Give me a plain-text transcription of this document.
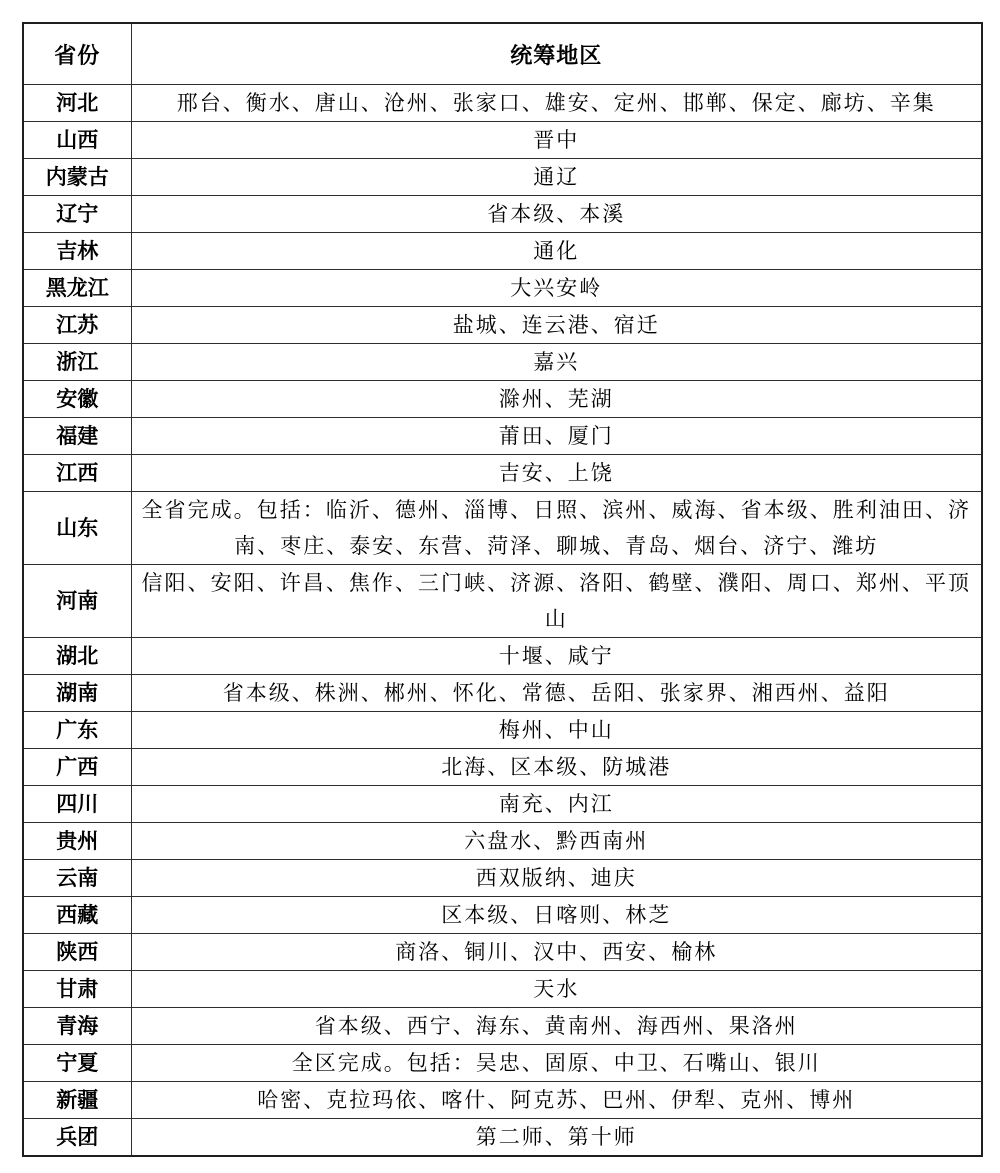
省份	统筹地区
河北	邢台、衡水、唐山、沧州、张家口、雄安、定州、邯郸、保定、廊坊、辛集
山西	晋中
内蒙古	通辽
辽宁	省本级、本溪
吉林	通化
黑龙江	大兴安岭
江苏	盐城、连云港、宿迁
浙江	嘉兴
安徽	滁州、芜湖
福建	莆田、厦门
江西	吉安、上饶
山东	全省完成。包括：临沂、德州、淄博、日照、滨州、威海、省本级、胜利油田、济南、枣庄、泰安、东营、菏泽、聊城、青岛、烟台、济宁、潍坊
河南	信阳、安阳、许昌、焦作、三门峡、济源、洛阳、鹤壁、濮阳、周口、郑州、平顶山
湖北	十堰、咸宁
湖南	省本级、株洲、郴州、怀化、常德、岳阳、张家界、湘西州、益阳
广东	梅州、中山
广西	北海、区本级、防城港
四川	南充、内江
贵州	六盘水、黔西南州
云南	西双版纳、迪庆
西藏	区本级、日喀则、林芝
陕西	商洛、铜川、汉中、西安、榆林
甘肃	天水
青海	省本级、西宁、海东、黄南州、海西州、果洛州
宁夏	全区完成。包括：吴忠、固原、中卫、石嘴山、银川
新疆	哈密、克拉玛依、喀什、阿克苏、巴州、伊犁、克州、博州
兵团	第二师、第十师
